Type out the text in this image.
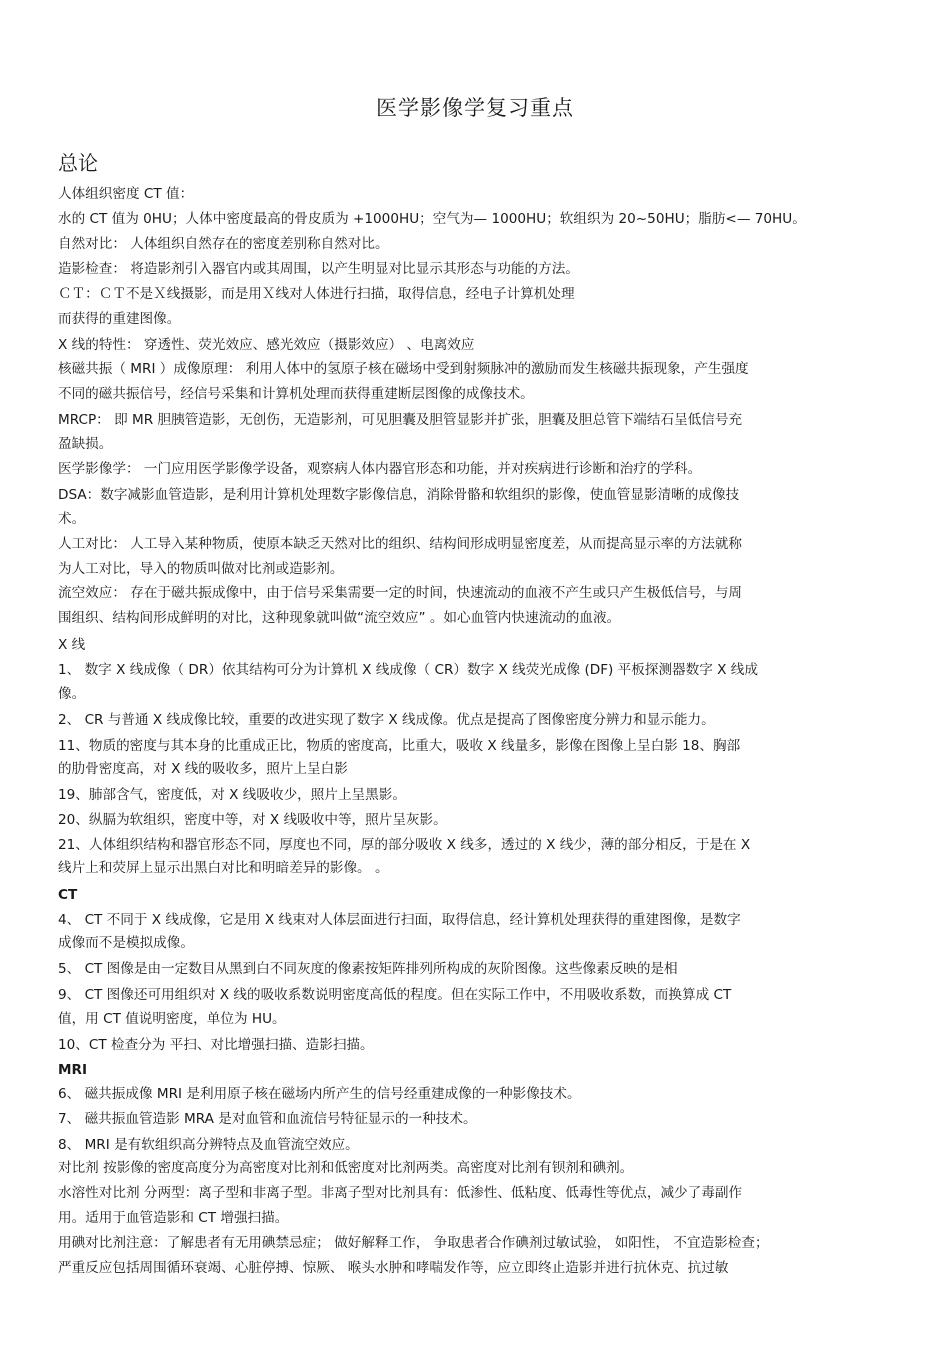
医学影像学复习重点
总论
人体组织密度 CT 值：
水的 CT 值为 0HU；人体中密度最高的骨皮质为 +1000HU；空气为— 1000HU；软组织为 20~50HU；脂肪<— 70HU。
自然对比： 人体组织自然存在的密度差别称自然对比。
造影检查： 将造影剂引入器官内或其周围，以产生明显对比显示其形态与功能的方法。
ＣＴ：ＣＴ不是Ｘ线摄影，而是用Ｘ线对人体进行扫描，取得信息，经电子计算机处理
而获得的重建图像。
X 线的特性： 穿透性、荧光效应、感光效应（摄影效应） 、电离效应
核磁共振（ MRI ）成像原理： 利用人体中的氢原子核在磁场中受到射频脉冲的激励而发生核磁共振现象，产生强度
不同的磁共振信号，经信号采集和计算机处理而获得重建断层图像的成像技术。
MRCP： 即 MR 胆胰管造影，无创伤，无造影剂，可见胆囊及胆管显影并扩张，胆囊及胆总管下端结石呈低信号充
盈缺损。
医学影像学： 一门应用医学影像学设备，观察病人体内器官形态和功能，并对疾病进行诊断和治疗的学科。
DSA：数字减影血管造影，是利用计算机处理数字影像信息，消除骨骼和软组织的影像，使血管显影清晰的成像技
术。
人工对比： 人工导入某种物质，使原本缺乏天然对比的组织、结构间形成明显密度差，从而提高显示率的方法就称
为人工对比，导入的物质叫做对比剂或造影剂。
流空效应： 存在于磁共振成像中，由于信号采集需要一定的时间，快速流动的血液不产生或只产生极低信号，与周
围组织、结构间形成鲜明的对比，这种现象就叫做“流空效应” 。如心血管内快速流动的血液。
X 线
1、 数字 X 线成像（ DR）依其结构可分为计算机 X 线成像（ CR）数字 X 线荧光成像 (DF) 平板探测器数字 X 线成
像。
2、 CR 与普通 X 线成像比较，重要的改进实现了数字 X 线成像。优点是提高了图像密度分辨力和显示能力。
11、物质的密度与其本身的比重成正比，物质的密度高，比重大，吸收 X 线量多，影像在图像上呈白影 18、胸部
的肋骨密度高，对 X 线的吸收多，照片上呈白影
19、肺部含气，密度低，对 X 线吸收少，照片上呈黑影。
20、纵膈为软组织，密度中等，对 X 线吸收中等，照片呈灰影。
21、人体组织结构和器官形态不同，厚度也不同，厚的部分吸收 X 线多，透过的 X 线少，薄的部分相反，于是在 X
线片上和荧屏上显示出黑白对比和明暗差异的影像。 。
CT
4、 CT 不同于 X 线成像，它是用 X 线束对人体层面进行扫面，取得信息，经计算机处理获得的重建图像，是数字
成像而不是模拟成像。
5、 CT 图像是由一定数目从黑到白不同灰度的像素按矩阵排列所构成的灰阶图像。这些像素反映的是相
9、 CT 图像还可用组织对 X 线的吸收系数说明密度高低的程度。但在实际工作中，不用吸收系数，而换算成 CT
值，用 CT 值说明密度，单位为 HU。
10、CT 检查分为 平扫、对比增强扫描、造影扫描。
MRI
6、 磁共振成像 MRI 是利用原子核在磁场内所产生的信号经重建成像的一种影像技术。
7、 磁共振血管造影 MRA 是对血管和血流信号特征显示的一种技术。
8、 MRI 是有软组织高分辨特点及血管流空效应。
对比剂 按影像的密度高度分为高密度对比剂和低密度对比剂两类。高密度对比剂有钡剂和碘剂。
水溶性对比剂 分两型：离子型和非离子型。非离子型对比剂具有：低渗性、低粘度、低毒性等优点，减少了毒副作
用。适用于血管造影和 CT 增强扫描。
用碘对比剂注意：了解患者有无用碘禁忌症； 做好解释工作， 争取患者合作碘剂过敏试验， 如阳性， 不宜造影检查；
严重反应包括周围循环衰竭、心脏停搏、惊厥、 喉头水肿和哮喘发作等，应立即终止造影并进行抗休克、抗过敏
